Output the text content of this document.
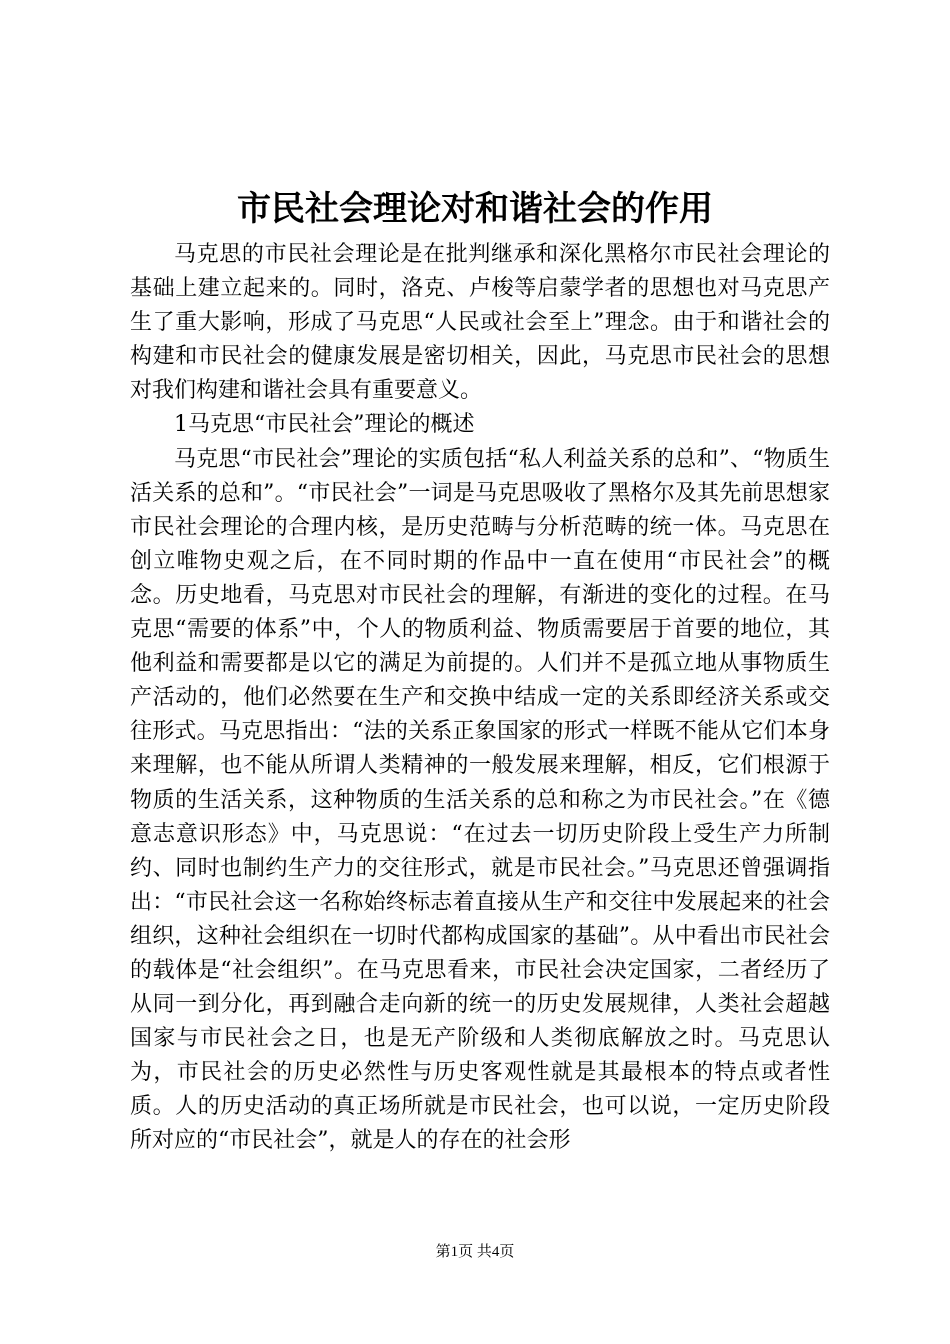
市民社会理论对和谐社会的作用

马克思的市民社会理论是在批判继承和深化黑格尔市民社会理论的基础上建立起来的。同时，洛克、卢梭等启蒙学者的思想也对马克思产生了重大影响，形成了马克思“人民或社会至上”理念。由于和谐社会的构建和市民社会的健康发展是密切相关，因此，马克思市民社会的思想对我们构建和谐社会具有重要意义。

1马克思“市民社会”理论的概述

马克思“市民社会”理论的实质包括“私人利益关系的总和”、“物质生活关系的总和”。“市民社会”一词是马克思吸收了黑格尔及其先前思想家市民社会理论的合理内核，是历史范畴与分析范畴的统一体。马克思在创立唯物史观之后，在不同时期的作品中一直在使用“市民社会”的概念。历史地看，马克思对市民社会的理解，有渐进的变化的过程。在马克思“需要的体系”中，个人的物质利益、物质需要居于首要的地位，其他利益和需要都是以它的满足为前提的。人们并不是孤立地从事物质生产活动的，他们必然要在生产和交换中结成一定的关系即经济关系或交往形式。马克思指出：“法的关系正象国家的形式一样既不能从它们本身来理解，也不能从所谓人类精神的一般发展来理解，相反，它们根源于物质的生活关系，这种物质的生活关系的总和称之为市民社会。”在《德意志意识形态》中，马克思说：“在过去一切历史阶段上受生产力所制约、同时也制约生产力的交往形式，就是市民社会。”马克思还曾强调指出：“市民社会这一名称始终标志着直接从生产和交往中发展起来的社会组织，这种社会组织在一切时代都构成国家的基础”。从中看出市民社会的载体是“社会组织”。在马克思看来，市民社会决定国家，二者经历了从同一到分化，再到融合走向新的统一的历史发展规律，人类社会超越国家与市民社会之日，也是无产阶级和人类彻底解放之时。马克思认为，市民社会的历史必然性与历史客观性就是其最根本的特点或者性质。人的历史活动的真正场所就是市民社会，也可以说，一定历史阶段所对应的“市民社会”，就是人的存在的社会形

第1页 共4页
